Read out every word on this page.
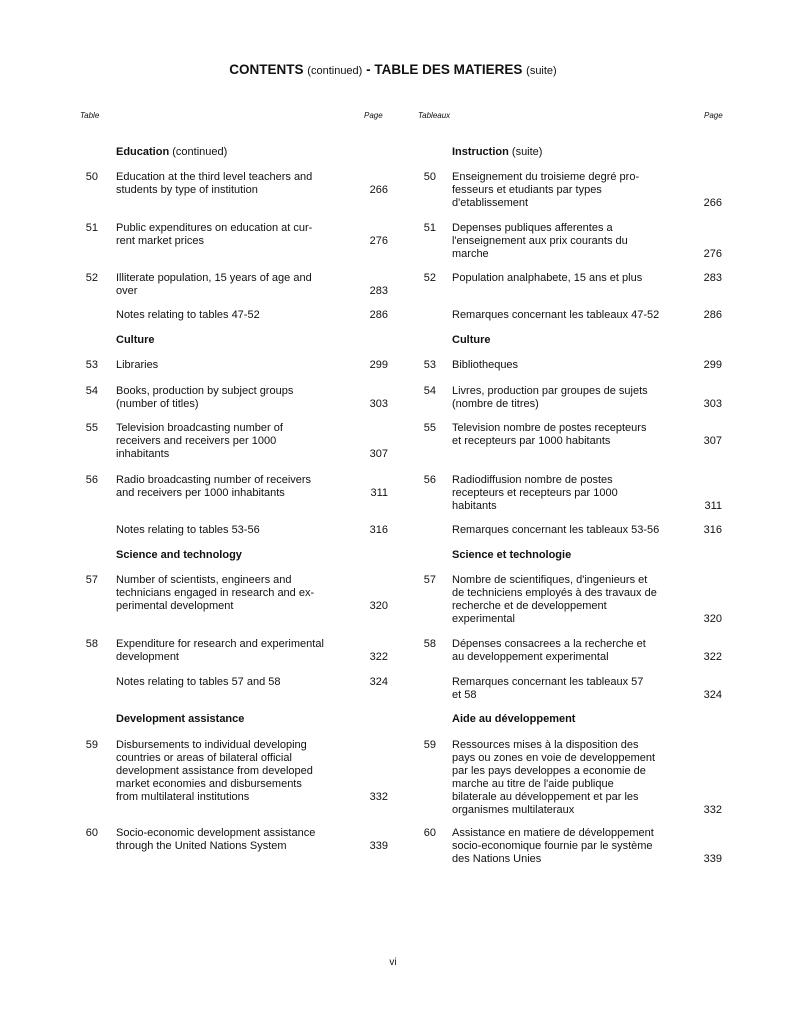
CONTENTS (continued) - TABLE DES MATIERES (suite)
Table	Page	Tableaux	Page
Education (continued)	Instruction (suite)
50 Education at the third level teachers and
students by type of institution	266
50 Enseignement du troisieme degré pro-
fesseurs et etudiants par types
d'etablissement	266
51 Public expenditures on education at cur-
rent market prices	276
51 Depenses publiques afferentes a
l'enseignement aux prix courants du
marche	276
52 Illiterate population, 15 years of age and
over	283
52 Population analphabete, 15 ans et plus	283
Notes relating to tables 47-52	286	Remarques concernant les tableaux 47-52	286
Culture	Culture
53 Libraries	299	53 Bibliotheques	299
54 Books, production by subject groups
(number of titles)	303
54 Livres, production par groupes de sujets
(nombre de titres)	303
55 Television broadcasting number of
receivers and receivers per 1000
inhabitants	307
55 Television nombre de postes recepteurs
et recepteurs par 1000 habitants	307
56 Radio broadcasting number of receivers
and receivers per 1000 inhabitants	311
56 Radiodiffusion nombre de postes
recepteurs et recepteurs par 1000
habitants	311
Notes relating to tables 53-56	316	Remarques concernant les tableaux 53-56	316
Science and technology	Science et technologie
57 Number of scientists, engineers and
technicians engaged in research and ex-
perimental development	320
57 Nombre de scientifiques, d'ingenieurs et
de techniciens employés à des travaux de
recherche et de developpement
experimental	320
58 Expenditure for research and experimental
development	322
58 Dépenses consacrees a la recherche et
au developpement experimental	322
Notes relating to tables 57 and 58	324	Remarques concernant les tableaux 57
et 58	324
Development assistance	Aide au développement
59 Disbursements to individual developing
countries or areas of bilateral official
development assistance from developed
market economies and disbursements
from multilateral institutions	332
59 Ressources mises à la disposition des
pays ou zones en voie de developpement
par les pays developpes a economie de
marche au titre de l'aide publique
bilaterale au développement et par les
organismes multilateraux	332
60 Socio-economic development assistance
through the United Nations System	339
60 Assistance en matiere de développement
socio-economique fournie par le système
des Nations Unies	339
vi
